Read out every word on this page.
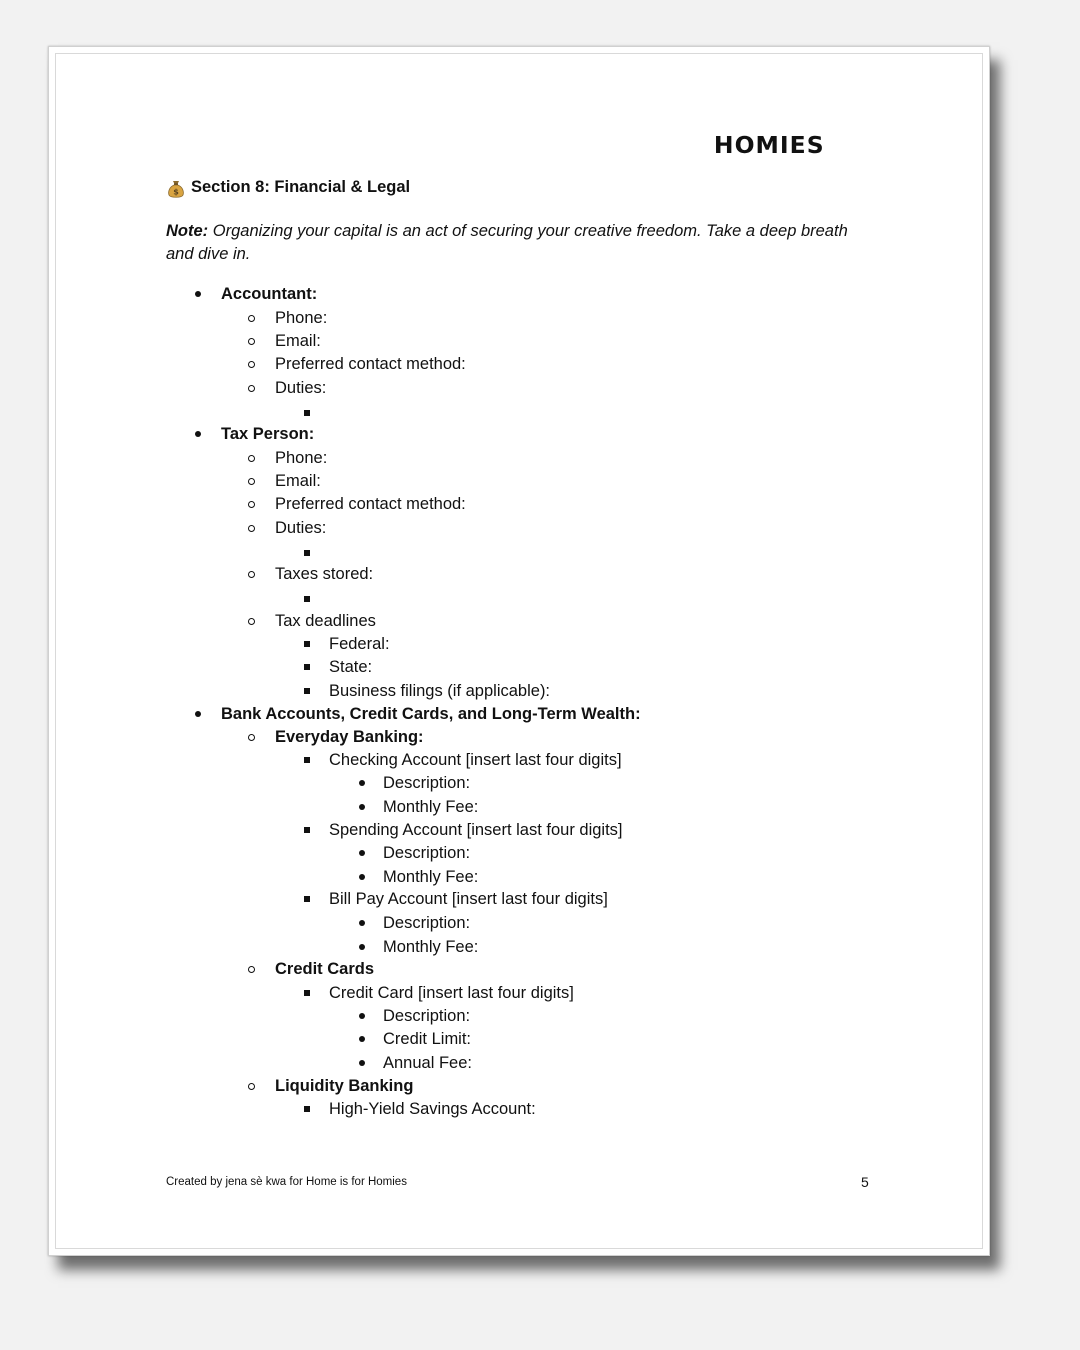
HOMIES
$ Section 8: Financial & Legal
Note: Organizing your capital is an act of securing your creative freedom. Take a deep breath and dive in.
Accountant:
Phone:
Email:
Preferred contact method:
Duties:
Tax Person:
Phone:
Email:
Preferred contact method:
Duties:
Taxes stored:
Tax deadlines
Federal:
State:
Business filings (if applicable):
Bank Accounts, Credit Cards, and Long-Term Wealth:
Everyday Banking:
Checking Account [insert last four digits]
Description:
Monthly Fee:
Spending Account [insert last four digits]
Description:
Monthly Fee:
Bill Pay Account [insert last four digits]
Description:
Monthly Fee:
Credit Cards
Credit Card [insert last four digits]
Description:
Credit Limit:
Annual Fee:
Liquidity Banking
High-Yield Savings Account:
Created by jena sè kwa for Home is for Homies	5
